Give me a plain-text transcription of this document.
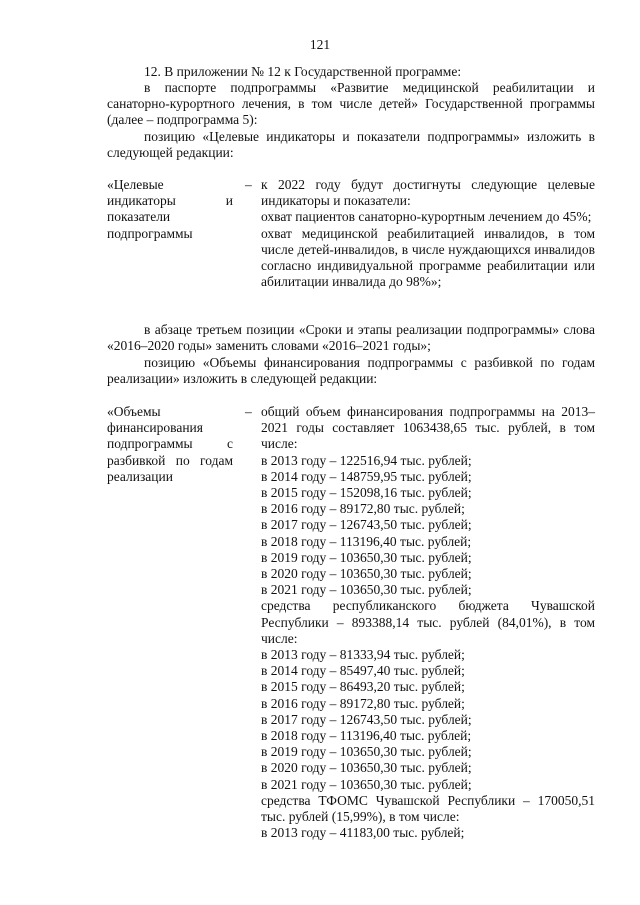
121

12. В приложении № 12 к Государственной программе:

в паспорте подпрограммы «Развитие медицинской реабилитации и санаторно-курортного лечения, в том числе детей» Государственной программы (далее – подпрограмма 5):

позицию «Целевые индикаторы и показатели подпрограммы» изложить в следующей редакции:

«Целевые индикаторы и показатели подпрограммы

– к 2022 году будут достигнуты следующие целевые индикаторы и показатели:

охват пациентов санаторно-курортным лечением до 45%;

охват медицинской реабилитацией инвалидов, в том числе детей-инвалидов, в числе нуждающихся инвалидов согласно индивидуальной программе реабилитации или абилитации инвалида до 98%»;

в абзаце третьем позиции «Сроки и этапы реализации подпрограммы» слова «2016–2020 годы» заменить словами «2016–2021 годы»;

позицию «Объемы финансирования подпрограммы с разбивкой по годам реализации» изложить в следующей редакции:

«Объемы финансирования подпрограммы с разбивкой по годам реализации

– общий объем финансирования подпрограммы на 2013–2021 годы составляет 1063438,65 тыс. рублей, в том числе:

в 2013 году – 122516,94 тыс. рублей;

в 2014 году – 148759,95 тыс. рублей;

в 2015 году – 152098,16 тыс. рублей;

в 2016 году – 89172,80 тыс. рублей;

в 2017 году – 126743,50 тыс. рублей;

в 2018 году – 113196,40 тыс. рублей;

в 2019 году – 103650,30 тыс. рублей;

в 2020 году – 103650,30 тыс. рублей;

в 2021 году – 103650,30 тыс. рублей;

средства республиканского бюджета Чувашской Республики – 893388,14 тыс. рублей (84,01%), в том числе:

в 2013 году – 81333,94 тыс. рублей;

в 2014 году – 85497,40 тыс. рублей;

в 2015 году – 86493,20 тыс. рублей;

в 2016 году – 89172,80 тыс. рублей;

в 2017 году – 126743,50 тыс. рублей;

в 2018 году – 113196,40 тыс. рублей;

в 2019 году – 103650,30 тыс. рублей;

в 2020 году – 103650,30 тыс. рублей;

в 2021 году – 103650,30 тыс. рублей;

средства ТФОМС Чувашской Республики – 170050,51 тыс. рублей (15,99%), в том числе:

в 2013 году – 41183,00 тыс. рублей;
